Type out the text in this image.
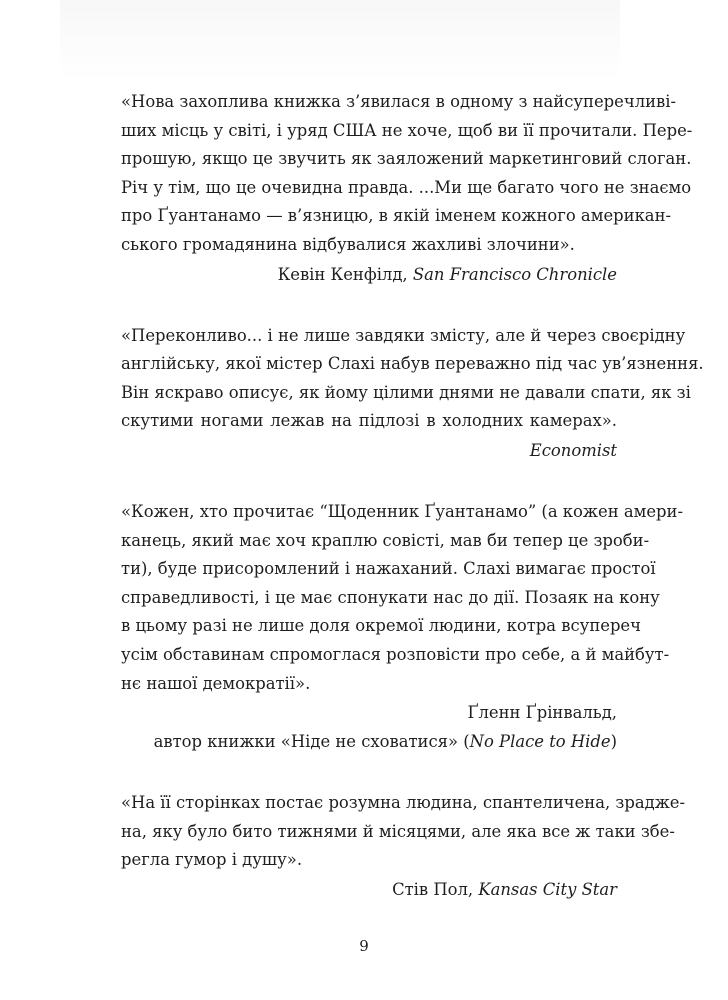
«Нова захоплива книжка з’явилася в одному з найсуперечливі-
ших місць у світі, і уряд США не хоче, щоб ви її прочитали. Пере-
прошую, якщо це звучить як заяложений маркетинговий слоган.
Річ у тім, що це очевидна правда. ...Ми ще багато чого не знаємо
про Ґуантанамо — в’язницю, в якій іменем кожного американ-
ського громадянина відбувалися жахливі злочини».

Кевін Кенфілд, San Francisco Chronicle

«Переконливо... і не лише завдяки змісту, але й через своєрідну
англійську, якої містер Слахі набув переважно під час ув’язнення.
Він яскраво описує, як йому цілими днями не давали спати, як зі
скутими ногами лежав на підлозі в холодних камерах».

Economist

«Кожен, хто прочитає “Щоденник Ґуантанамо” (а кожен амери-
канець, який має хоч краплю совісті, мав би тепер це зроби-
ти), буде присоромлений і нажаханий. Слахі вимагає простої
справедливості, і це має спонукати нас до дії. Позаяк на кону
в цьому разі не лише доля окремої людини, котра всупереч
усім обставинам спромоглася розповісти про себе, а й майбут-
нє нашої демократії».

Ґленн Ґрінвальд,

автор книжки «Ніде не сховатися» (No Place to Hide)

«На її сторінках постає розумна людина, спантеличена, зрадже-
на, яку було бито тижнями й місяцями, але яка все ж таки збе-
регла гумор і душу».

Стів Пол, Kansas City Star

9
